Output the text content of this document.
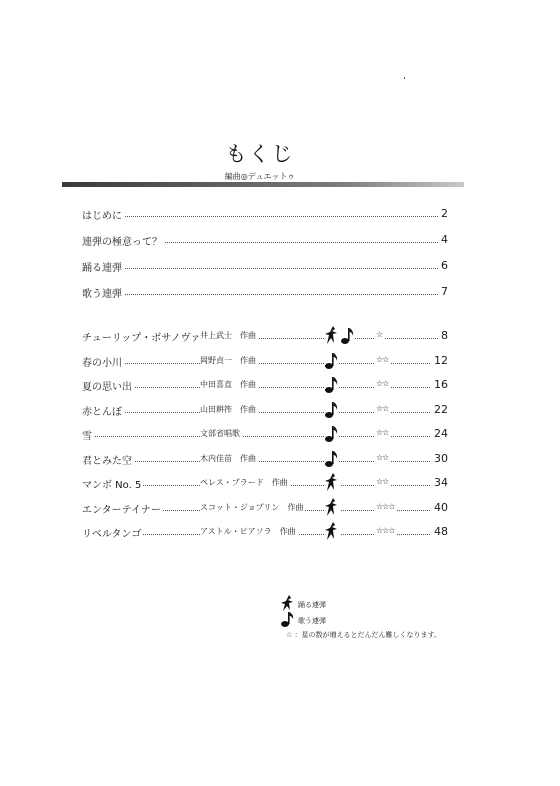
もくじ
編曲◎デュエットゥ
はじめに	2
連弾の極意って？	4
踊る連弾	6
歌う連弾	7
チューリップ・ボサノヴァ 井上武士　作曲	☆	8
春の小川	岡野貞一　作曲	☆☆	12
夏の思い出	中田喜直　作曲	☆☆	16
赤とんぼ	山田耕筰　作曲	☆☆	22
雪	文部省唱歌	☆☆	24
君とみた空	木内佳苗　作曲	☆☆	30
マンボ No. 5	ペレス・プラード　作曲	☆☆	34
エンターテイナー	スコット・ジョプリン　作曲	☆☆☆	40
リベルタンゴ	アストル・ピアソラ　作曲	☆☆☆	48
踊る連弾
歌う連弾
☆ ：星の数が増えるとだんだん難しくなります。
